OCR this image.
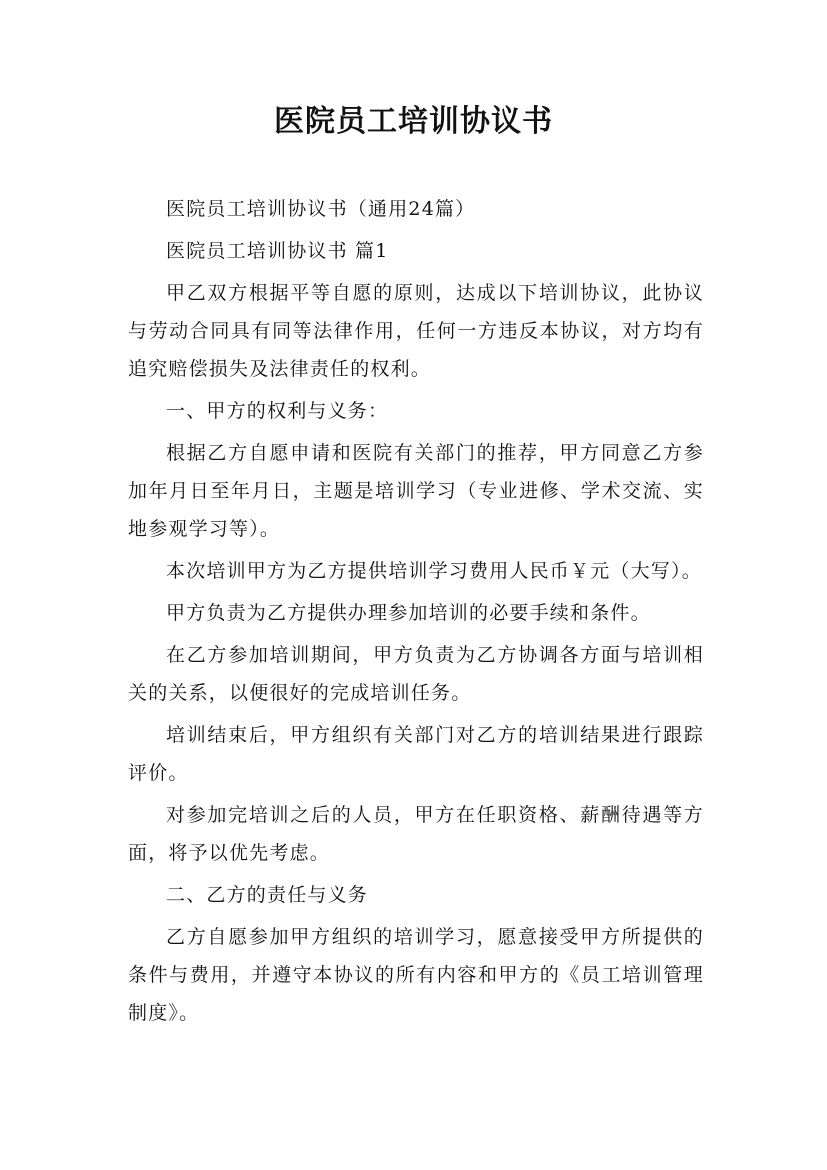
医院员工培训协议书

医院员工培训协议书（通用24篇）

医院员工培训协议书 篇1

甲乙双方根据平等自愿的原则，达成以下培训协议，此协议与劳动合同具有同等法律作用，任何一方违反本协议，对方均有追究赔偿损失及法律责任的权利。

一、甲方的权利与义务：

根据乙方自愿申请和医院有关部门的推荐，甲方同意乙方参加年月日至年月日，主题是培训学习（专业进修、学术交流、实地参观学习等）。

本次培训甲方为乙方提供培训学习费用人民币￥元（大写）。

甲方负责为乙方提供办理参加培训的必要手续和条件。

在乙方参加培训期间，甲方负责为乙方协调各方面与培训相关的关系，以便很好的完成培训任务。

培训结束后，甲方组织有关部门对乙方的培训结果进行跟踪评价。

对参加完培训之后的人员，甲方在任职资格、薪酬待遇等方面，将予以优先考虑。

二、乙方的责任与义务

乙方自愿参加甲方组织的培训学习，愿意接受甲方所提供的条件与费用，并遵守本协议的所有内容和甲方的《员工培训管理制度》。
